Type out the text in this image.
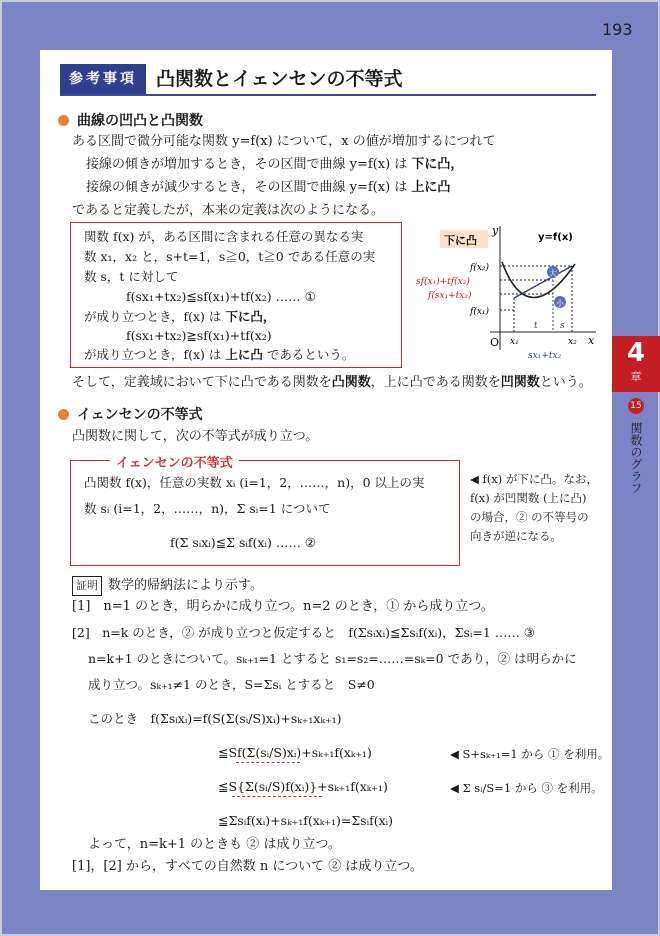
193
4
章
15 関数のグラフ
参考事項	凸関数とイェンセンの不等式
曲線の凹凸と凸関数
ある区間で微分可能な関数 y=f(x) について，x の値が増加するにつれて
接線の傾きが増加するとき，その区間で曲線 y=f(x) は 下に凸，
接線の傾きが減少するとき，その区間で曲線 y=f(x) は 上に凸
であると定義したが，本来の定義は次のようになる。
関数 f(x) が，ある区間に含まれる任意の異なる実
数 x₁，x₂ と，s+t=1，s≧0，t≧0 である任意の実
数 s，t に対して
f(sx₁+tx₂)≦sf(x₁)+tf(x₂) …… ①
が成り立つとき，f(x) は 下に凸，
f(sx₁+tx₂)≧sf(x₁)+tf(x₂)
が成り立つとき，f(x) は 上に凸 であるという。
下に凸
y
x
O
y=f(x)
f(x₂)
sf(x₁)+tf(x₂)
f(sx₁+tx₂)
f(x₁)
大
小
x₁	x₂
t s
sx₁+tx₂
そして，定義域において下に凸である関数を凸関数，上に凸である関数を凹関数という。
イェンセンの不等式
凸関数に関して，次の不等式が成り立つ。
イェンセンの不等式
凸関数 f(x)，任意の実数 xᵢ (i=1，2，……，n)，0 以上の実
数 sᵢ (i=1，2，……，n)，Σ sᵢ=1 について
f(Σ sᵢxᵢ)≦Σ sᵢf(xᵢ) …… ②
◀ f(x) が下に凸。なお，f(x) が凹関数 (上に凸) の場合，② の不等号の向きが逆になる。
証明 数学的帰納法により示す。
[1]　n=1 のとき，明らかに成り立つ。n=2 のとき，① から成り立つ。
[2]　n=k のとき，② が成り立つと仮定すると　f(Σsᵢxᵢ)≦Σsᵢf(xᵢ)，Σsᵢ=1 …… ③
n=k+1 のときについて。sₖ₊₁=1 とすると s₁=s₂=……=sₖ=0 であり，② は明らかに
成り立つ。sₖ₊₁≠1 のとき，S=Σsᵢ とすると　S≠0
このとき　f(Σsᵢxᵢ)=f(S(Σ(sᵢ/S)xᵢ)+sₖ₊₁xₖ₊₁)
≦Sf(Σ(sᵢ/S)xᵢ)+sₖ₊₁f(xₖ₊₁)
≦S{Σ(sᵢ/S)f(xᵢ)}+sₖ₊₁f(xₖ₊₁)
≦Σsᵢf(xᵢ)+sₖ₊₁f(xₖ₊₁)=Σsᵢf(xᵢ)
◀ S+sₖ₊₁=1 から ① を利用。
◀ Σ sᵢ/S=1 から ③ を利用。
よって，n=k+1 のときも ② は成り立つ。
[1]，[2] から，すべての自然数 n について ② は成り立つ。
